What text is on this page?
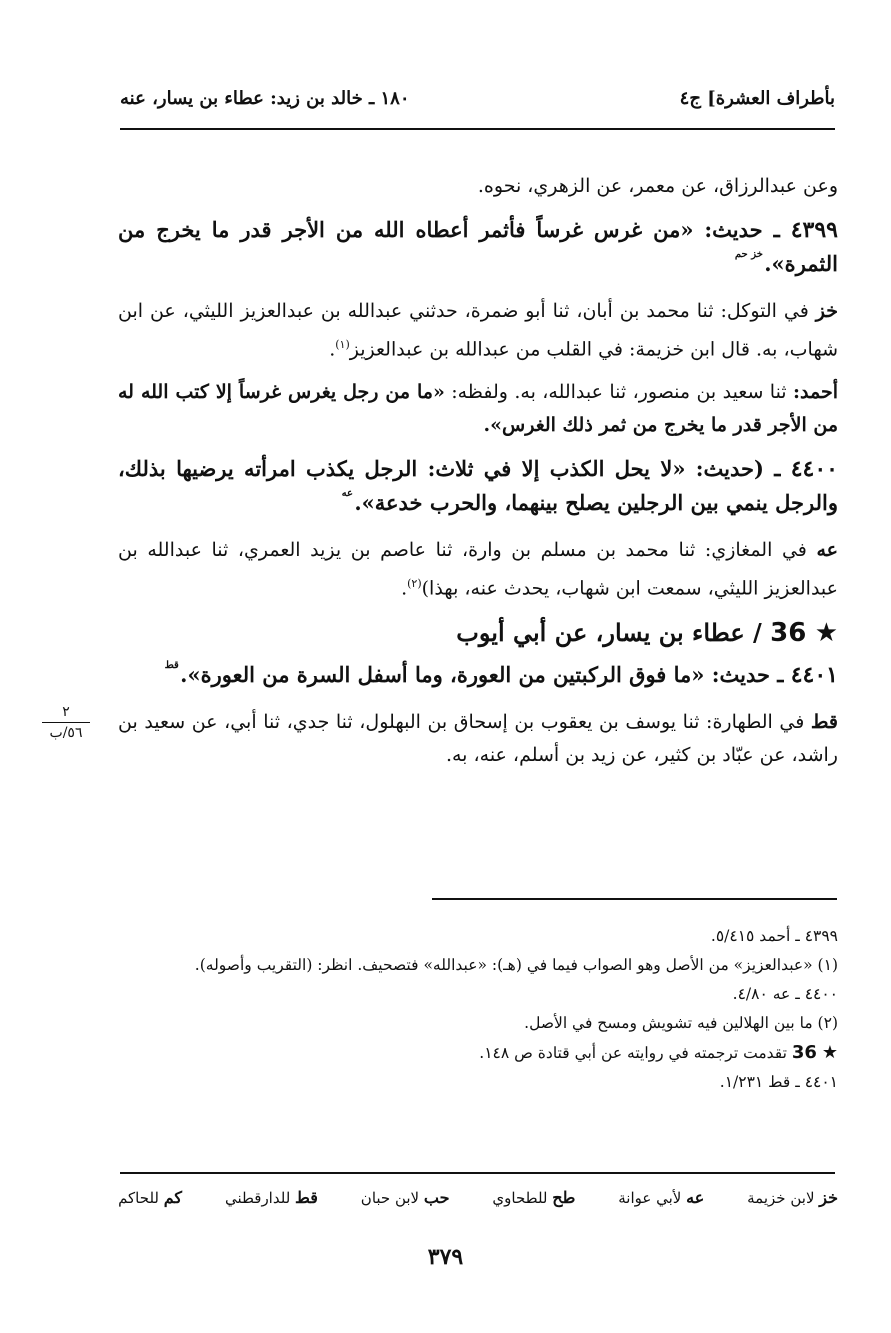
بأطراف العشرة] ج٤
١٨٠ ـ خالد بن زيد: عطاء بن يسار، عنه
٢
٥٦/ب

وعن عبدالرزاق، عن معمر، عن الزهري، نحوه.

٤٣٩٩ ـ حديث: «من غرس غرساً فأثمر أعطاه الله من الأجر قدر ما يخرج من الثمرة». $^{خز حم}$

خز في التوكل: ثنا محمد بن أبان، ثنا أبو ضمرة، حدثني عبدالله بن عبدالعزيز الليثي، عن ابن شهاب، به. قال ابن خزيمة: في القلب من عبدالله بن عبدالعزيز$^{(١)}$.

أحمد: ثنا سعيد بن منصور، ثنا عبدالله، به. ولفظه: «ما من رجل يغرس غرساً إلا كتب الله له من الأجر قدر ما يخرج من ثمر ذلك الغرس».

٤٤٠٠ ـ (حديث: «لا يحل الكذب إلا في ثلاث: الرجل يكذب امرأته يرضيها بذلك، والرجل ينمي بين الرجلين يصلح بينهما، والحرب خدعة». $^{عه}$

عه في المغازي: ثنا محمد بن مسلم بن وارة، ثنا عاصم بن يزيد العمري، ثنا عبدالله بن عبدالعزيز الليثي، سمعت ابن شهاب، يحدث عنه، بهذا)$^{(٢)}$.

36 ★ / عطاء بن يسار، عن أبي أيوب

٤٤٠١ ـ حديث: «ما فوق الركبتين من العورة، وما أسفل السرة من العورة». $^{قط}$

قط في الطهارة: ثنا يوسف بن يعقوب بن إسحاق بن البهلول، ثنا جدي، ثنا أبي، عن سعيد بن راشد، عن عبّاد بن كثير، عن زيد بن أسلم، عنه، به.

٤٣٩٩ ـ أحمد ٥/٤١٥.
(١) «عبدالعزيز» من الأصل وهو الصواب فيما في (هـ): «عبدالله» فتصحيف. انظر: (التقريب وأصوله).
٤٤٠٠ ـ عه ٤/٨٠.
(٢) ما بين الهلالين فيه تشويش ومسح في الأصل.
36 ★ تقدمت ترجمته في روايته عن أبي قتادة ص ١٤٨.
٤٤٠١ ـ قط ١/٢٣١.
خز لابن خزيمة
عه لأبي عوانة
طح للطحاوي
حب لابن حبان
قط للدارقطني
كم للحاكم
٣٧٩
